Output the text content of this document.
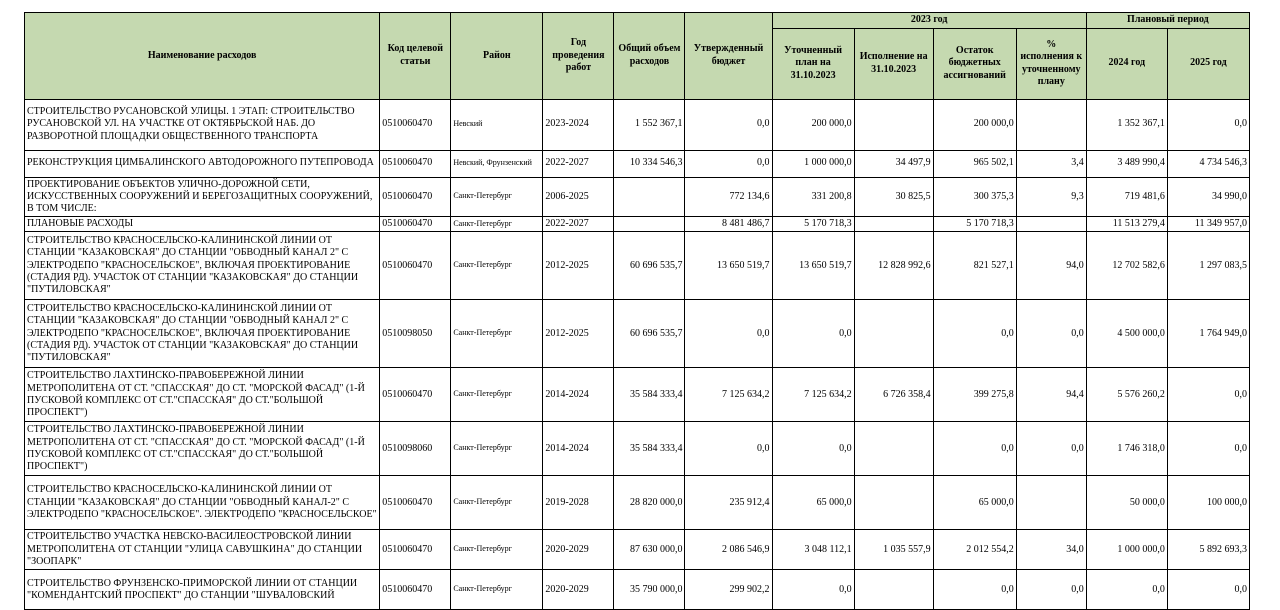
Наименование расходов	Код целевой статьи	Район	Год проведения работ	Общий объем расходов	Утвержденный бюджет	2023 год				Плановый период	
						Уточненный план на 31.10.2023	Исполнение на 31.10.2023	Остаток бюджетных ассигнований	% исполнения к уточненному плану	2024 год	2025 год
СТРОИТЕЛЬСТВО РУСАНОВСКОЙ УЛИЦЫ. 1 ЭТАП: СТРОИТЕЛЬСТВО РУСАНОВСКОЙ УЛ. НА УЧАСТКЕ ОТ ОКТЯБРЬСКОЙ НАБ. ДО РАЗВОРОТНОЙ ПЛОЩАДКИ ОБЩЕСТВЕННОГО ТРАНСПОРТА	0510060470	Невский	2023-2024	1 552 367,1	0,0	200 000,0		200 000,0		1 352 367,1	0,0
РЕКОНСТРУКЦИЯ ЦИМБАЛИНСКОГО АВТОДОРОЖНОГО ПУТЕПРОВОДА	0510060470	Невский, Фрунзенский	2022-2027	10 334 546,3	0,0	1 000 000,0	34 497,9	965 502,1	3,4	3 489 990,4	4 734 546,3
ПРОЕКТИРОВАНИЕ ОБЪЕКТОВ УЛИЧНО-ДОРОЖНОЙ СЕТИ, ИСКУССТВЕННЫХ СООРУЖЕНИЙ И БЕРЕГОЗАЩИТНЫХ СООРУЖЕНИЙ, В ТОМ ЧИСЛЕ:	0510060470	Санкт-Петербург	2006-2025		772 134,6	331 200,8	30 825,5	300 375,3	9,3	719 481,6	34 990,0
ПЛАНОВЫЕ РАСХОДЫ	0510060470	Санкт-Петербург	2022-2027		8 481 486,7	5 170 718,3		5 170 718,3		11 513 279,4	11 349 957,0
СТРОИТЕЛЬСТВО КРАСНОСЕЛЬСКО-КАЛИНИНСКОЙ ЛИНИИ ОТ СТАНЦИИ "КАЗАКОВСКАЯ" ДО СТАНЦИИ "ОБВОДНЫЙ КАНАЛ 2" С ЭЛЕКТРОДЕПО "КРАСНОСЕЛЬСКОЕ", ВКЛЮЧАЯ ПРОЕКТИРОВАНИЕ (СТАДИЯ РД). УЧАСТОК ОТ СТАНЦИИ "КАЗАКОВСКАЯ" ДО СТАНЦИИ "ПУТИЛОВСКАЯ"	0510060470	Санкт-Петербург	2012-2025	60 696 535,7	13 650 519,7	13 650 519,7	12 828 992,6	821 527,1	94,0	12 702 582,6	1 297 083,5
СТРОИТЕЛЬСТВО КРАСНОСЕЛЬСКО-КАЛИНИНСКОЙ ЛИНИИ ОТ СТАНЦИИ "КАЗАКОВСКАЯ" ДО СТАНЦИИ "ОБВОДНЫЙ КАНАЛ 2" С ЭЛЕКТРОДЕПО "КРАСНОСЕЛЬСКОЕ", ВКЛЮЧАЯ ПРОЕКТИРОВАНИЕ (СТАДИЯ РД). УЧАСТОК ОТ СТАНЦИИ "КАЗАКОВСКАЯ" ДО СТАНЦИИ "ПУТИЛОВСКАЯ"	0510098050	Санкт-Петербург	2012-2025	60 696 535,7	0,0	0,0		0,0	0,0	4 500 000,0	1 764 949,0
СТРОИТЕЛЬСТВО ЛАХТИНСКО-ПРАВОБЕРЕЖНОЙ ЛИНИИ МЕТРОПОЛИТЕНА ОТ СТ. "СПАССКАЯ" ДО СТ. "МОРСКОЙ ФАСАД" (1-Й ПУСКОВОЙ КОМПЛЕКС ОТ СТ."СПАССКАЯ" ДО СТ."БОЛЬШОЙ ПРОСПЕКТ")	0510060470	Санкт-Петербург	2014-2024	35 584 333,4	7 125 634,2	7 125 634,2	6 726 358,4	399 275,8	94,4	5 576 260,2	0,0
СТРОИТЕЛЬСТВО ЛАХТИНСКО-ПРАВОБЕРЕЖНОЙ ЛИНИИ МЕТРОПОЛИТЕНА ОТ СТ. "СПАССКАЯ" ДО СТ. "МОРСКОЙ ФАСАД" (1-Й ПУСКОВОЙ КОМПЛЕКС ОТ СТ."СПАССКАЯ" ДО СТ."БОЛЬШОЙ ПРОСПЕКТ")	0510098060	Санкт-Петербург	2014-2024	35 584 333,4	0,0	0,0		0,0	0,0	1 746 318,0	0,0
СТРОИТЕЛЬСТВО КРАСНОСЕЛЬСКО-КАЛИНИНСКОЙ ЛИНИИ ОТ СТАНЦИИ "КАЗАКОВСКАЯ" ДО СТАНЦИИ "ОБВОДНЫЙ КАНАЛ-2" С ЭЛЕКТРОДЕПО "КРАСНОСЕЛЬСКОЕ". ЭЛЕКТРОДЕПО "КРАСНОСЕЛЬСКОЕ"	0510060470	Санкт-Петербург	2019-2028	28 820 000,0	235 912,4	65 000,0		65 000,0		50 000,0	100 000,0
СТРОИТЕЛЬСТВО УЧАСТКА НЕВСКО-ВАСИЛЕОСТРОВСКОЙ ЛИНИИ МЕТРОПОЛИТЕНА ОТ СТАНЦИИ "УЛИЦА САВУШКИНА" ДО СТАНЦИИ "ЗООПАРК"	0510060470	Санкт-Петербург	2020-2029	87 630 000,0	2 086 546,9	3 048 112,1	1 035 557,9	2 012 554,2	34,0	1 000 000,0	5 892 693,3
СТРОИТЕЛЬСТВО ФРУНЗЕНСКО-ПРИМОРСКОЙ ЛИНИИ ОТ СТАНЦИИ "КОМЕНДАНТСКИЙ ПРОСПЕКТ" ДО СТАНЦИИ "ШУВАЛОВСКИЙ	0510060470	Санкт-Петербург	2020-2029	35 790 000,0	299 902,2	0,0		0,0	0,0	0,0	0,0
